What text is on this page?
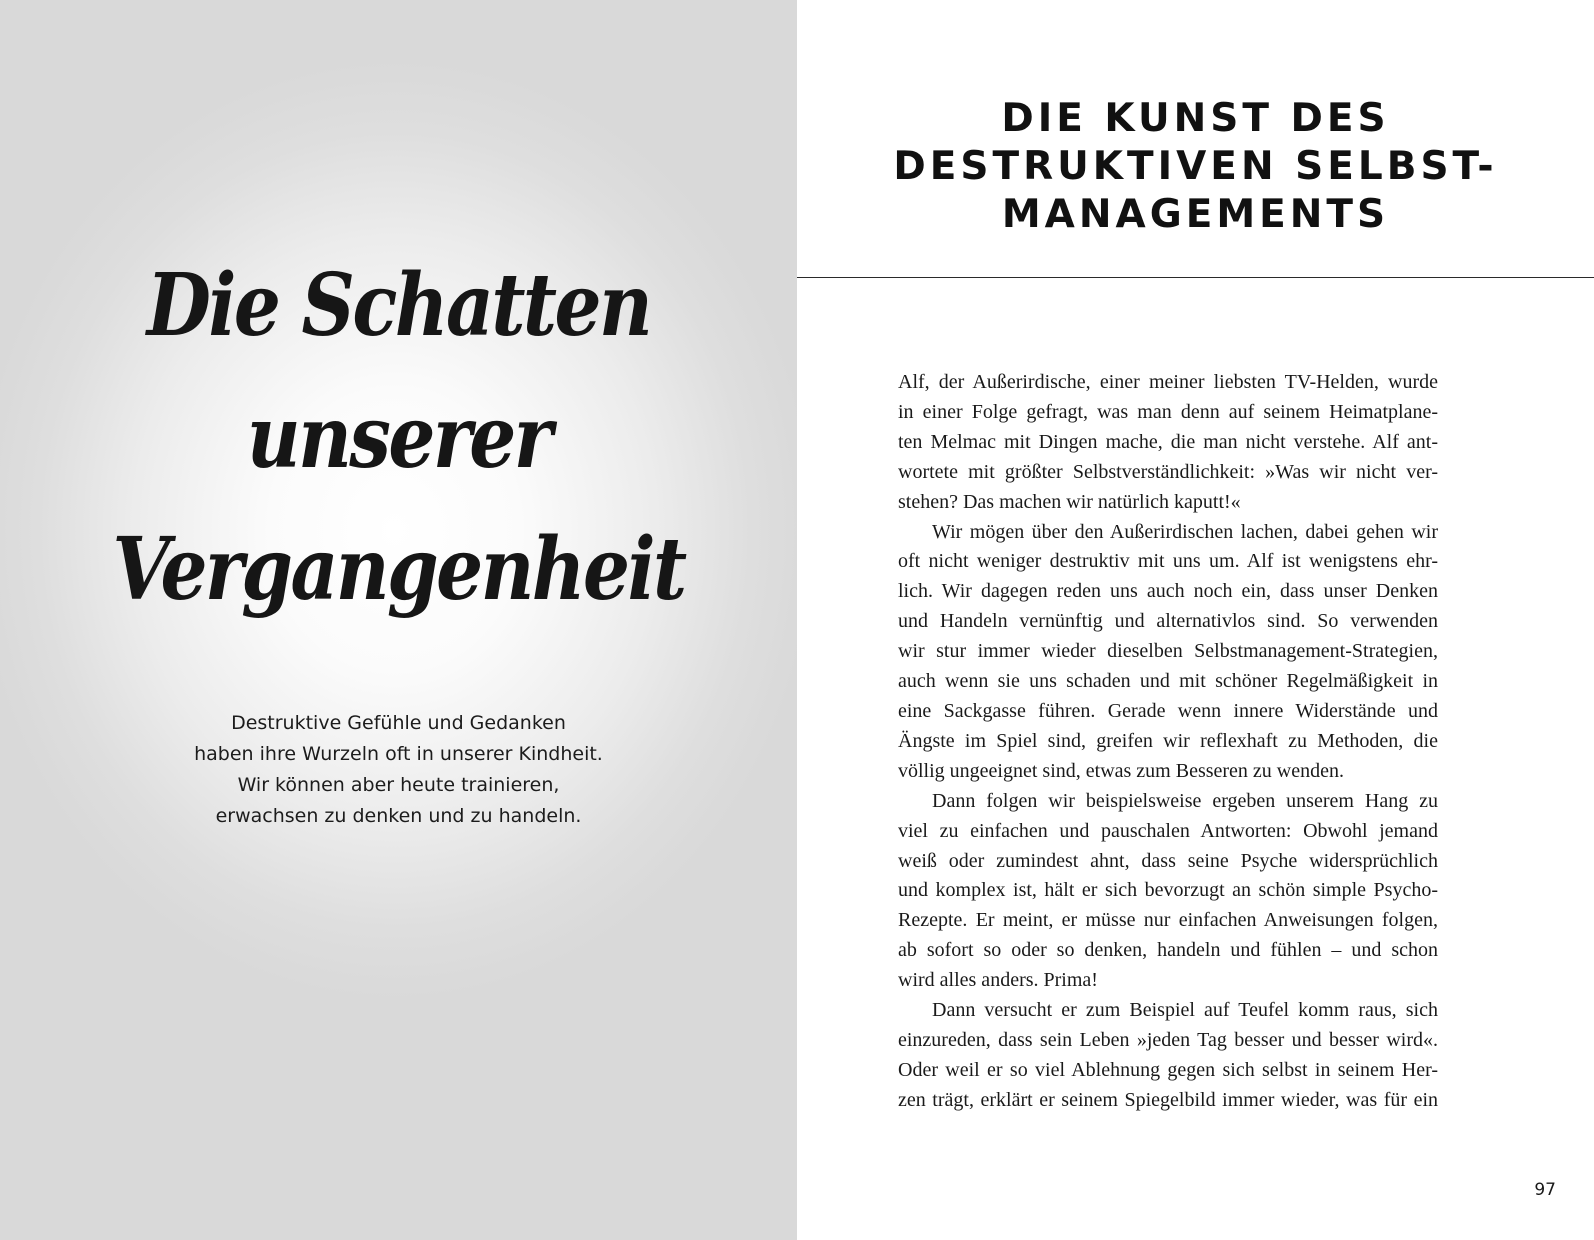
Die Schatten
unserer
Vergangenheit
Destruktive Gefühle und Gedanken
haben ihre Wurzeln oft in unserer Kindheit.
Wir können aber heute trainieren,
erwachsen zu denken und zu handeln.
DIE KUNST DES
DESTRUKTIVEN SELBST-
MANAGEMENTS
Alf, der Außerirdische, einer meiner liebsten TV-Helden, wurde
in einer Folge gefragt, was man denn auf seinem Heimatplane-
ten Melmac mit Dingen mache, die man nicht verstehe. Alf ant-
wortete mit größter Selbstverständlichkeit: »Was wir nicht ver-
stehen? Das machen wir natürlich kaputt!«
Wir mögen über den Außerirdischen lachen, dabei gehen wir
oft nicht weniger destruktiv mit uns um. Alf ist wenigstens ehr-
lich. Wir dagegen reden uns auch noch ein, dass unser Denken
und Handeln vernünftig und alternativlos sind. So verwenden
wir stur immer wieder dieselben Selbstmanagement-Strategien,
auch wenn sie uns schaden und mit schöner Regelmäßigkeit in
eine Sackgasse führen. Gerade wenn innere Widerstände und
Ängste im Spiel sind, greifen wir reflexhaft zu Methoden, die
völlig ungeeignet sind, etwas zum Besseren zu wenden.
Dann folgen wir beispielsweise ergeben unserem Hang zu
viel zu einfachen und pauschalen Antworten: Obwohl jemand
weiß oder zumindest ahnt, dass seine Psyche widersprüchlich
und komplex ist, hält er sich bevorzugt an schön simple Psycho-
Rezepte. Er meint, er müsse nur einfachen Anweisungen folgen,
ab sofort so oder so denken, handeln und fühlen – und schon
wird alles anders. Prima!
Dann versucht er zum Beispiel auf Teufel komm raus, sich
einzureden, dass sein Leben »jeden Tag besser und besser wird«.
Oder weil er so viel Ablehnung gegen sich selbst in seinem Her-
zen trägt, erklärt er seinem Spiegelbild immer wieder, was für ein
97
